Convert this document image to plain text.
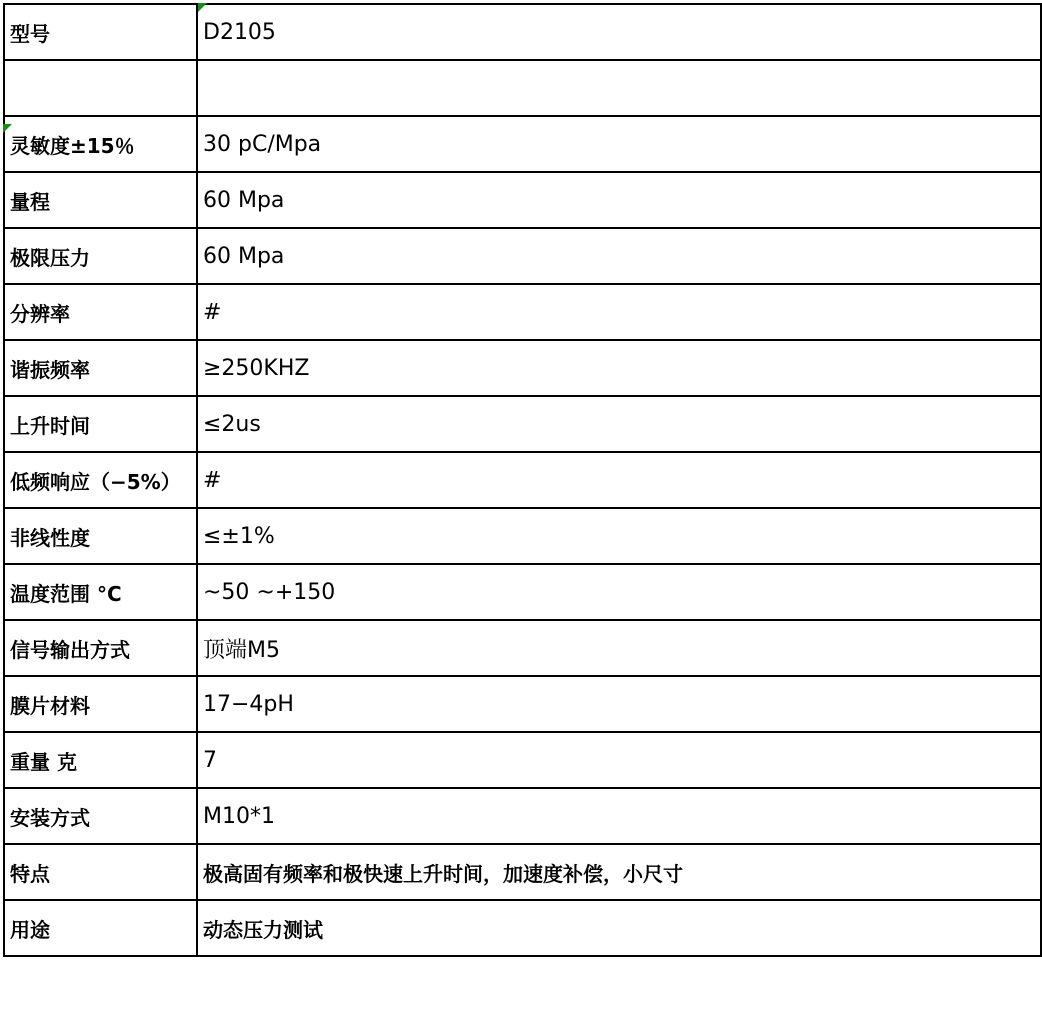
型号	D2105

灵敏度±15％	30 pC/Mpa
量程	60 Mpa
极限压力	60 Mpa
分辨率	#
谐振频率	≥250KHZ
上升时间	≤2us
低频响应（−5%）	#
非线性度	≤±1%
温度范围 °C	~50 ~+150
信号输出方式	顶端M5
膜片材料	17−4pH
重量 克	7
安装方式	M10*1
特点	极高固有频率和极快速上升时间，加速度补偿，小尺寸
用途	动态压力测试
